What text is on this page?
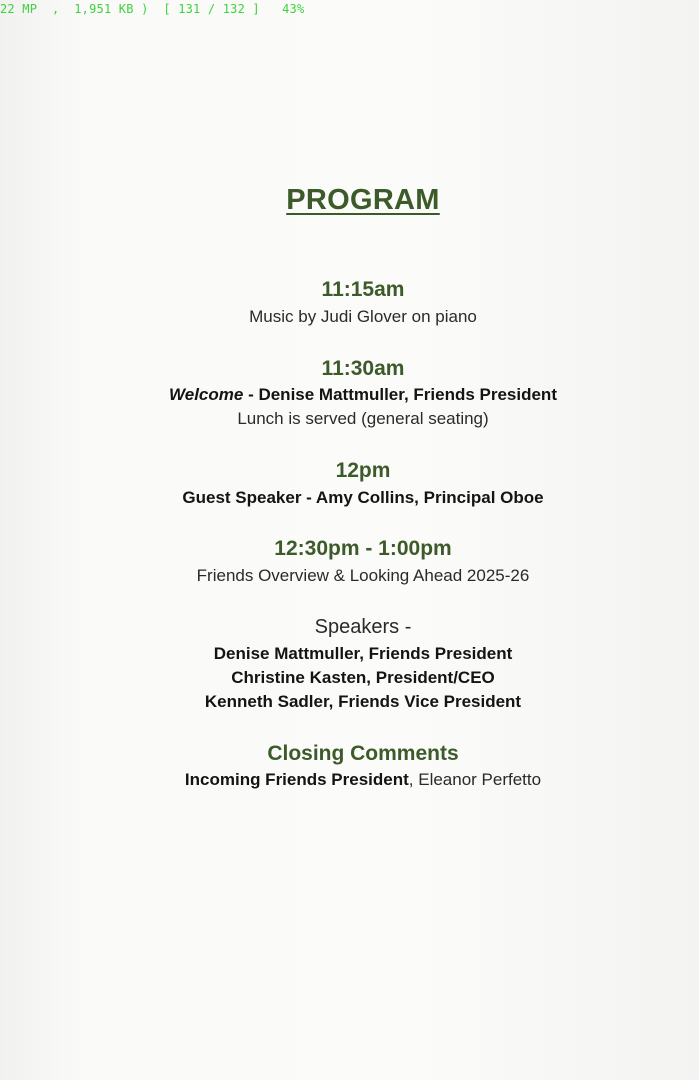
22 MP  ,  1,951 KB )  [ 131 / 132 ]   43%
PROGRAM
11:15am
Music by Judi Glover on piano
11:30am
Welcome - Denise Mattmuller, Friends President
Lunch is served (general seating)
12pm
Guest Speaker - Amy Collins, Principal Oboe
12:30pm - 1:00pm
Friends Overview & Looking Ahead 2025-26
Speakers -
Denise Mattmuller, Friends President
Christine Kasten, President/CEO
Kenneth Sadler, Friends Vice President
Closing Comments
Incoming Friends President, Eleanor Perfetto
